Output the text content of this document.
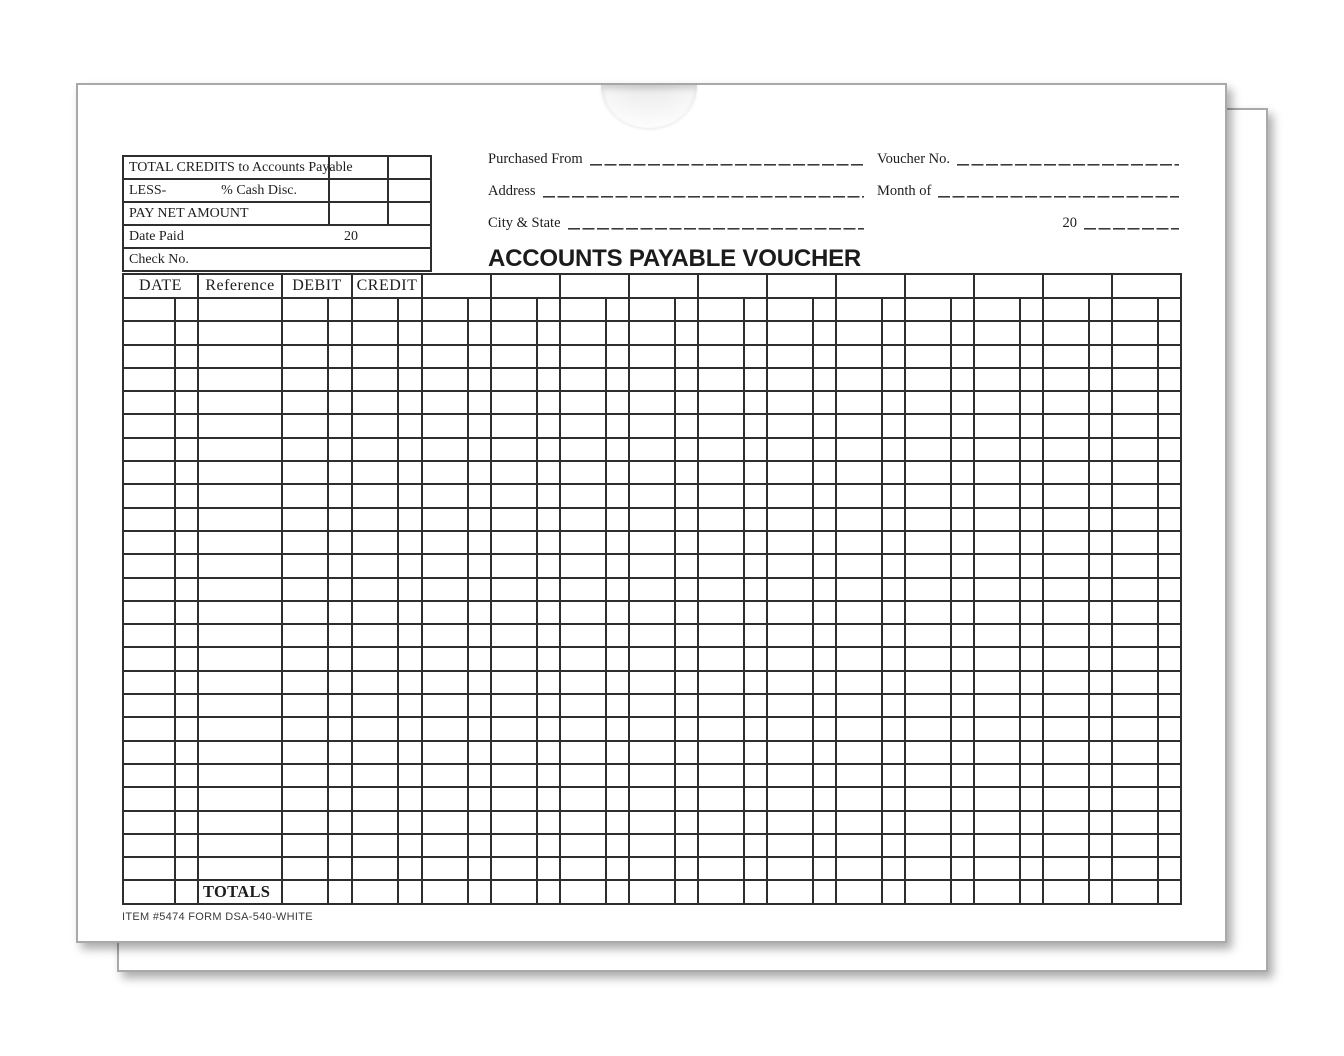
TOTAL CREDITS to Accounts Payable		

LESS- % Cash Disc.		

PAY NET AMOUNT		

Date Paid 20		

Check No.		
Purchased From	Voucher No.
Address	Month of
City & State	20
ACCOUNTS PAYABLE VOUCHER
DATE		Reference	DEBIT		CREDIT																							

		TOTALS																										
ITEM #5474 FORM DSA-540-WHITE
